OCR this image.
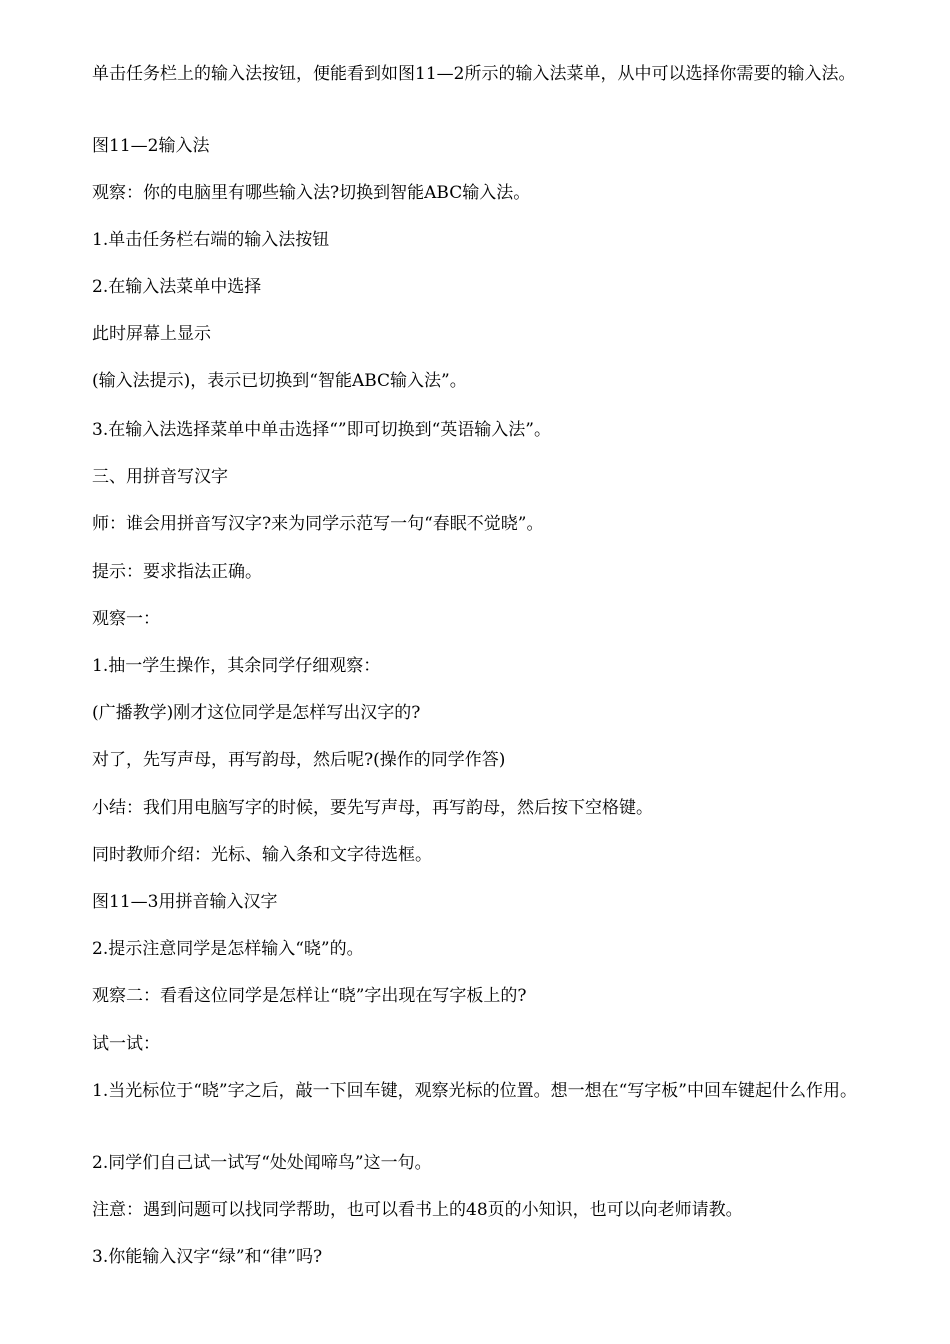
单击任务栏上的输入法按钮，便能看到如图11—2所示的输入法菜单，从中可以选择你需要的输入法。

图11—2输入法

观察：你的电脑里有哪些输入法?切换到智能ABC输入法。

1.单击任务栏右端的输入法按钮

2.在输入法菜单中选择

此时屏幕上显示

(输入法提示)，表示已切换到“智能ABC输入法”。

3.在输入法选择菜单中单击选择“”即可切换到“英语输入法”。

三、用拼音写汉字

师：谁会用拼音写汉字?来为同学示范写一句“春眠不觉晓”。

提示：要求指法正确。

观察一：

1.抽一学生操作，其余同学仔细观察：

(广播教学)刚才这位同学是怎样写出汉字的?

对了，先写声母，再写韵母，然后呢?(操作的同学作答)

小结：我们用电脑写字的时候，要先写声母，再写韵母，然后按下空格键。

同时教师介绍：光标、输入条和文字待选框。

图11—3用拼音输入汉字

2.提示注意同学是怎样输入“晓”的。

观察二：看看这位同学是怎样让“晓”字出现在写字板上的?

试一试：

1.当光标位于“晓”字之后，敲一下回车键，观察光标的位置。想一想在“写字板”中回车键起什么作用。

2.同学们自己试一试写“处处闻啼鸟”这一句。

注意：遇到问题可以找同学帮助，也可以看书上的48页的小知识，也可以向老师请教。

3.你能输入汉字“绿”和“律”吗?
